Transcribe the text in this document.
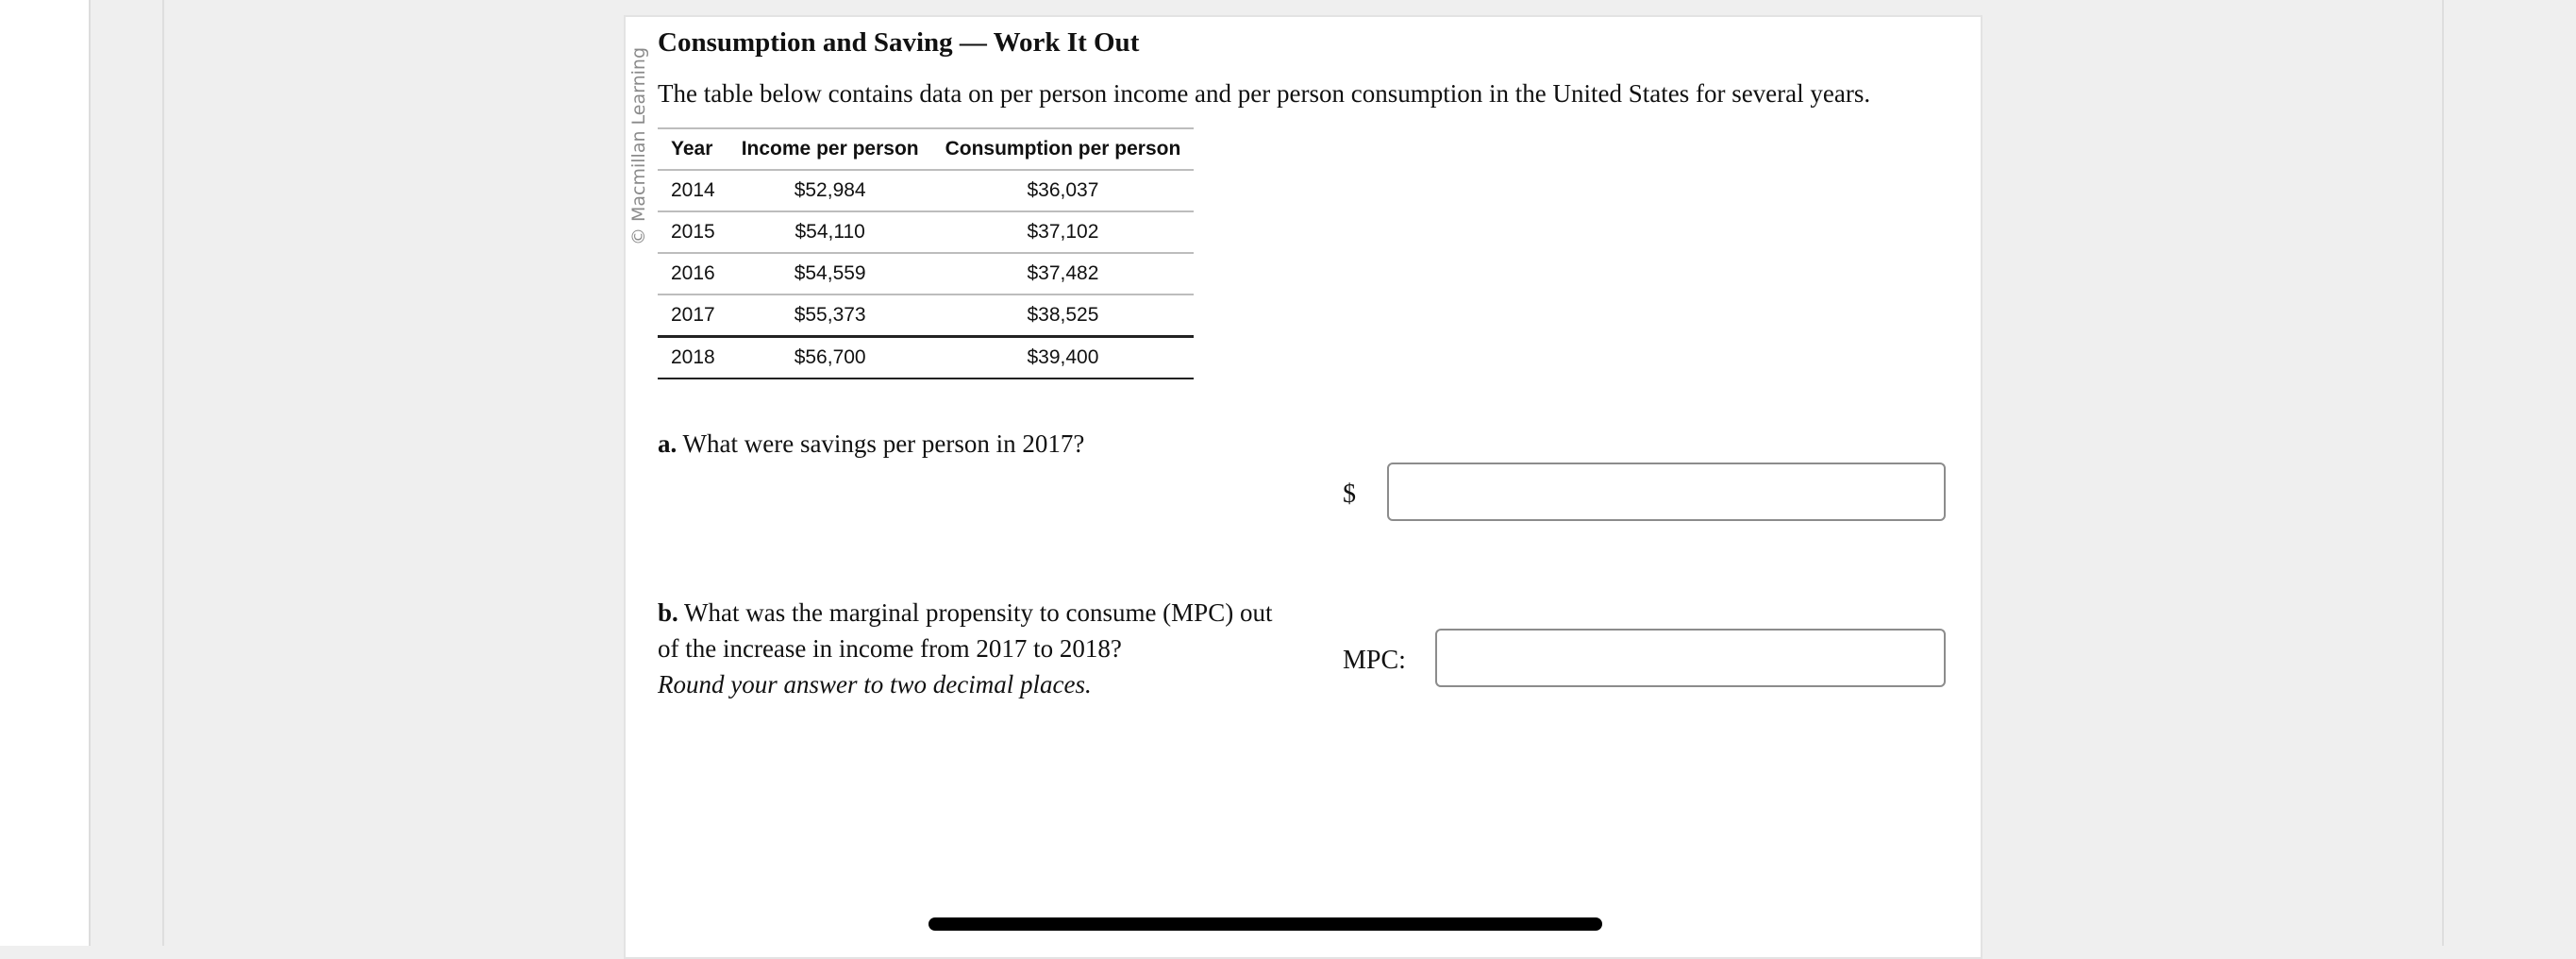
© Macmillan Learning
Consumption and Saving — Work It Out
The table below contains data on per person income and per person consumption in the United States for several years.
Year	Income per person	Consumption per person
2014	$52,984	$36,037
2015	$54,110	$37,102
2016	$54,559	$37,482
2017	$55,373	$38,525
2018	$56,700	$39,400
a. What were savings per person in 2017?
$
b. What was the marginal propensity to consume (MPC) out
of the increase in income from 2017 to 2018?
Round your answer to two decimal places.
MPC:
